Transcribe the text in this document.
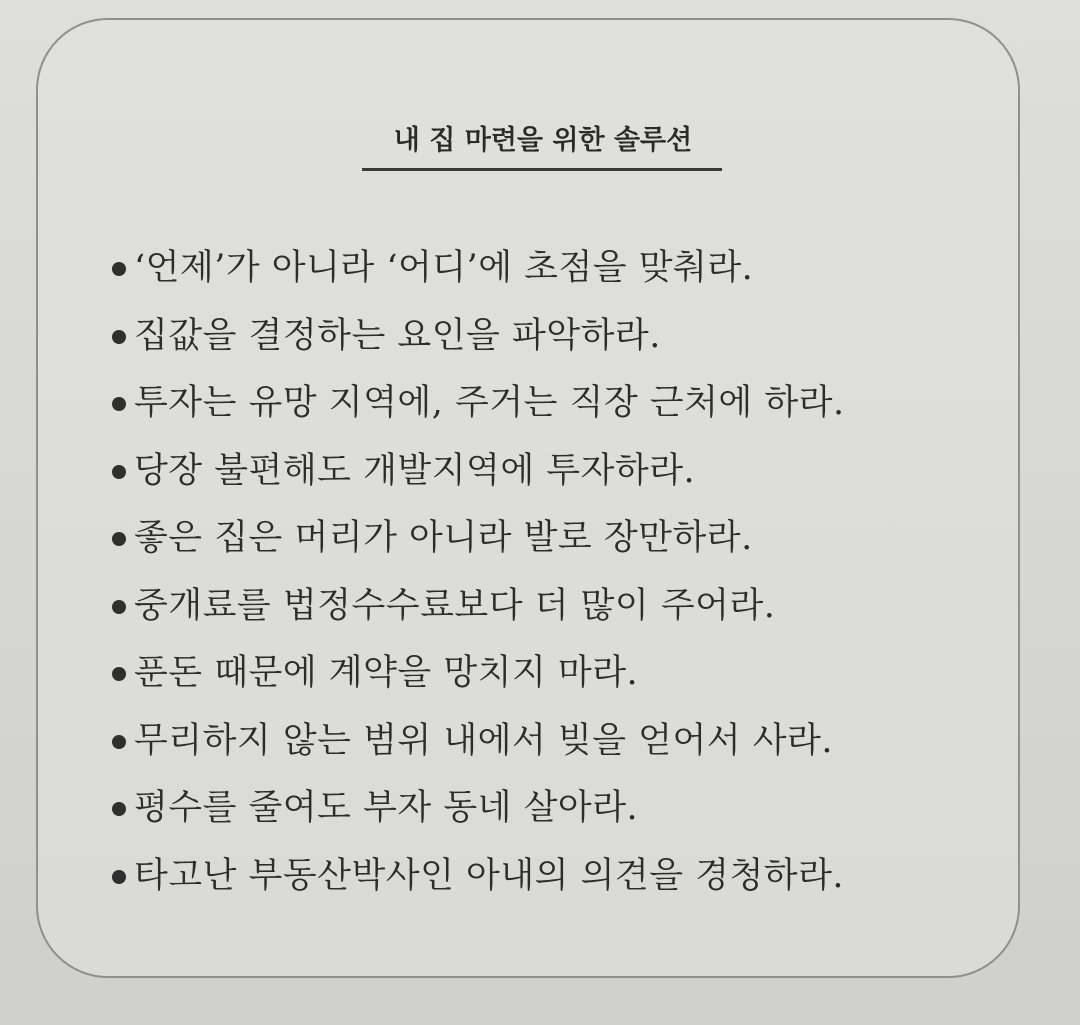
내 집 마련을 위한 솔루션
‘언제’가 아니라 ‘어디’에 초점을 맞춰라.
집값을 결정하는 요인을 파악하라.
투자는 유망 지역에, 주거는 직장 근처에 하라.
당장 불편해도 개발지역에 투자하라.
좋은 집은 머리가 아니라 발로 장만하라.
중개료를 법정수수료보다 더 많이 주어라.
푼돈 때문에 계약을 망치지 마라.
무리하지 않는 범위 내에서 빚을 얻어서 사라.
평수를 줄여도 부자 동네 살아라.
타고난 부동산박사인 아내의 의견을 경청하라.
